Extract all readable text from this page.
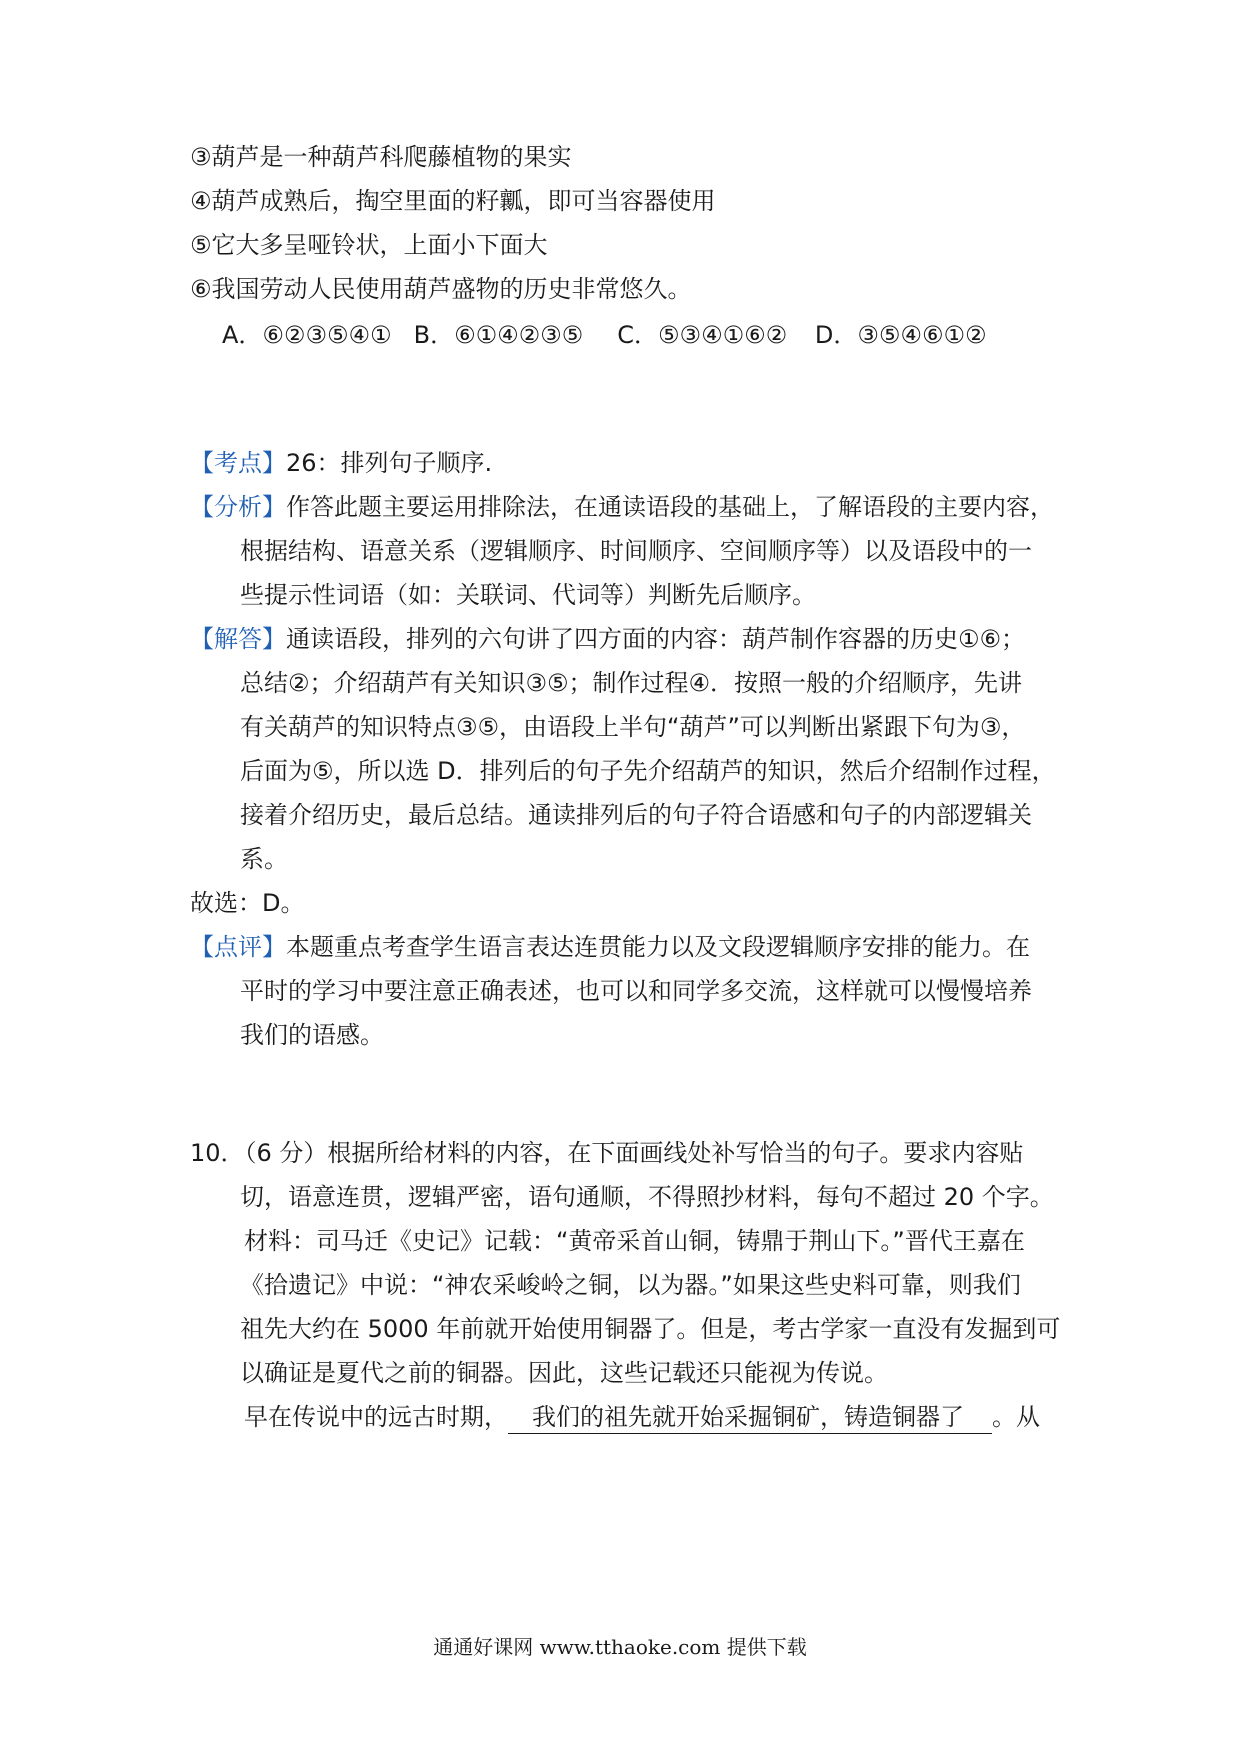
③葫芦是一种葫芦科爬藤植物的果实
④葫芦成熟后，掏空里面的籽瓤，即可当容器使用
⑤它大多呈哑铃状，上面小下面大
⑥我国劳动人民使用葫芦盛物的历史非常悠久。
A．⑥②③⑤④① B．⑥①④②③⑤ C．⑤③④①⑥② D．③⑤④⑥①②
【考点】26：排列句子顺序.
【分析】作答此题主要运用排除法，在通读语段的基础上，了解语段的主要内容，
根据结构、语意关系（逻辑顺序、时间顺序、空间顺序等）以及语段中的一
些提示性词语（如：关联词、代词等）判断先后顺序。
【解答】通读语段，排列的六句讲了四方面的内容：葫芦制作容器的历史①⑥；
总结②；介绍葫芦有关知识③⑤；制作过程④．按照一般的介绍顺序，先讲
有关葫芦的知识特点③⑤，由语段上半句“葫芦”可以判断出紧跟下句为③，
后面为⑤，所以选 D．排列后的句子先介绍葫芦的知识，然后介绍制作过程，
接着介绍历史，最后总结。通读排列后的句子符合语感和句子的内部逻辑关
系。
故选：D。
【点评】本题重点考查学生语言表达连贯能力以及文段逻辑顺序安排的能力。在
平时的学习中要注意正确表述，也可以和同学多交流，这样就可以慢慢培养
我们的语感。
10．（6 分）根据所给材料的内容，在下面画线处补写恰当的句子。要求内容贴
切，语意连贯，逻辑严密，语句通顺，不得照抄材料，每句不超过 20 个字。
材料：司马迁《史记》记载：“黄帝采首山铜，铸鼎于荆山下。”晋代王嘉在
《拾遗记》中说：“神农采峻岭之铜，以为器。”如果这些史料可靠，则我们
祖先大约在 5000 年前就开始使用铜器了。但是，考古学家一直没有发掘到可
以确证是夏代之前的铜器。因此，这些记载还只能视为传说。
早在传说中的远古时期， 我们的祖先就开始采掘铜矿，铸造铜器了 。从
通通好课网 www.tthaoke.com 提供下载
